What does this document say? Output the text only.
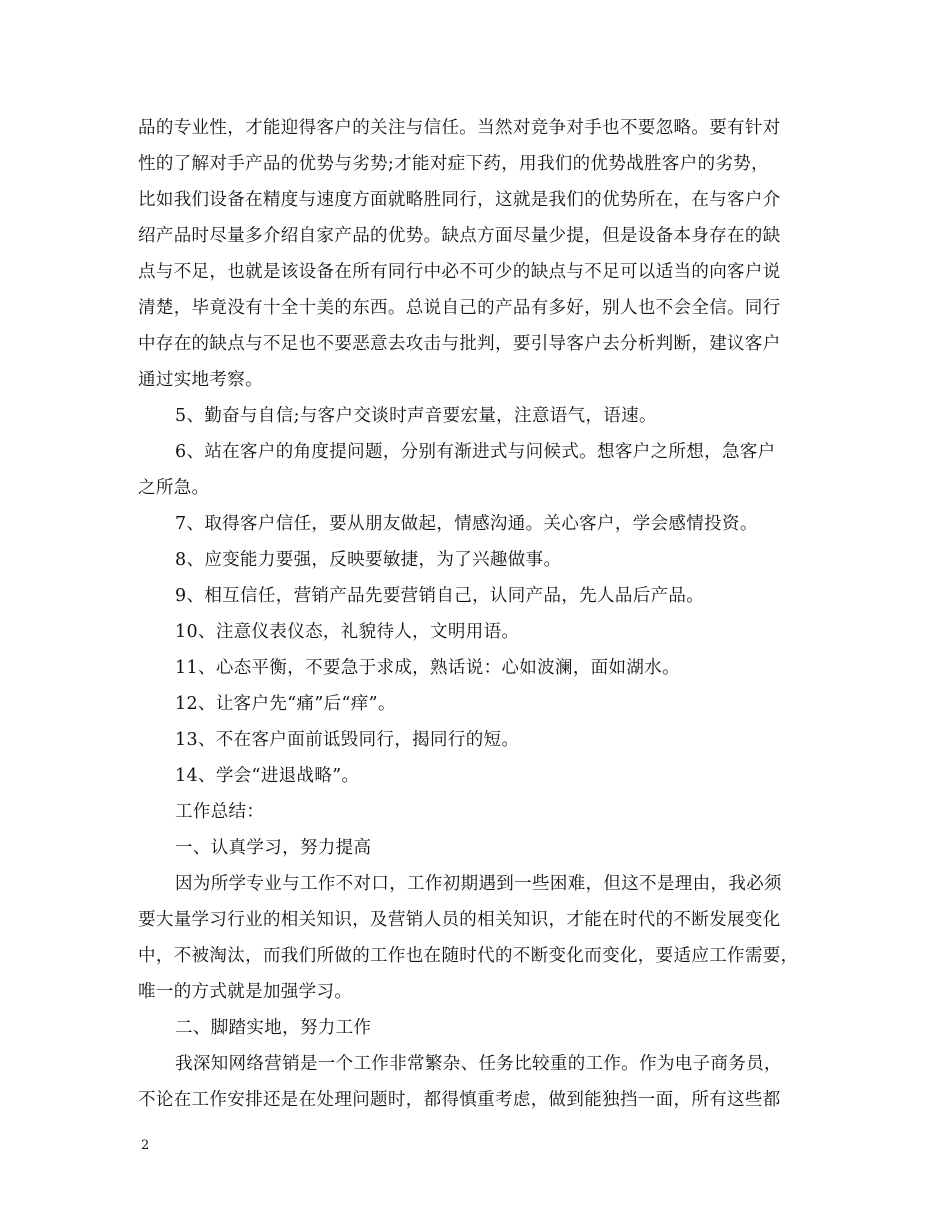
品的专业性，才能迎得客户的关注与信任。当然对竞争对手也不要忽略。要有针对
性的了解对手产品的优势与劣势;才能对症下药，用我们的优势战胜客户的劣势，
比如我们设备在精度与速度方面就略胜同行，这就是我们的优势所在，在与客户介
绍产品时尽量多介绍自家产品的优势。缺点方面尽量少提，但是设备本身存在的缺
点与不足，也就是该设备在所有同行中必不可少的缺点与不足可以适当的向客户说
清楚，毕竟没有十全十美的东西。总说自己的产品有多好，别人也不会全信。同行
中存在的缺点与不足也不要恶意去攻击与批判，要引导客户去分析判断，建议客户
通过实地考察。
5、勤奋与自信;与客户交谈时声音要宏量，注意语气，语速。
6、站在客户的角度提问题，分别有渐进式与问候式。想客户之所想，急客户
之所急。
7、取得客户信任，要从朋友做起，情感沟通。关心客户，学会感情投资。
8、应变能力要强，反映要敏捷，为了兴趣做事。
9、相互信任，营销产品先要营销自己，认同产品，先人品后产品。
10、注意仪表仪态，礼貌待人，文明用语。
11、心态平衡，不要急于求成，熟话说：心如波澜，面如湖水。
12、让客户先“痛”后“痒”。
13、不在客户面前诋毁同行，揭同行的短。
14、学会“进退战略”。
工作总结：
一、认真学习，努力提高
因为所学专业与工作不对口，工作初期遇到一些困难，但这不是理由，我必须
要大量学习行业的相关知识，及营销人员的相关知识，才能在时代的不断发展变化
中，不被淘汰，而我们所做的工作也在随时代的不断变化而变化，要适应工作需要，
唯一的方式就是加强学习。
二、脚踏实地，努力工作
我深知网络营销是一个工作非常繁杂、任务比较重的工作。作为电子商务员，
不论在工作安排还是在处理问题时，都得慎重考虑，做到能独挡一面，所有这些都
2
